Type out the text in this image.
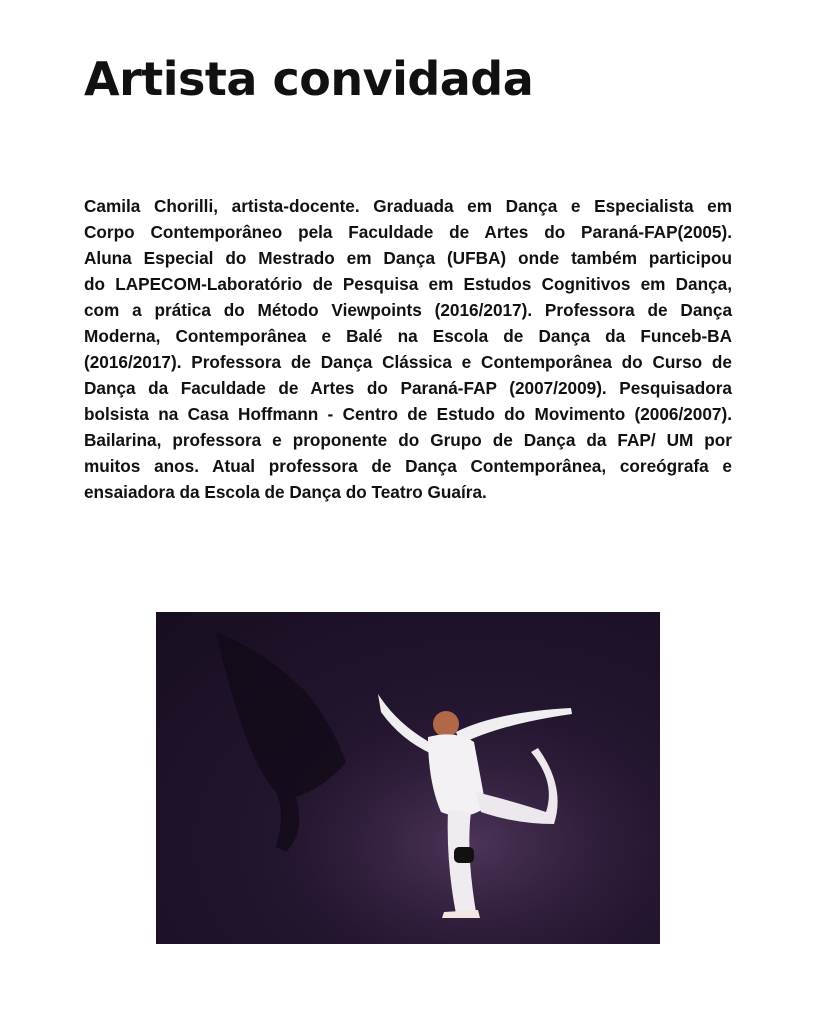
Artista convidada
Camila Chorilli, artista-docente. Graduada em Dança e Especialista em
Corpo Contemporâneo pela Faculdade de Artes do Paraná-FAP(2005).
Aluna Especial do Mestrado em Dança (UFBA) onde também participou
do LAPECOM-Laboratório de Pesquisa em Estudos Cognitivos em Dança,
com a prática do Método Viewpoints (2016/2017). Professora de Dança
Moderna, Contemporânea e Balé na Escola de Dança da Funceb-BA
(2016/2017). Professora de Dança Clássica e Contemporânea do Curso de
Dança da Faculdade de Artes do Paraná-FAP (2007/2009). Pesquisadora
bolsista na Casa Hoffmann - Centro de Estudo do Movimento (2006/2007).
Bailarina, professora e proponente do Grupo de Dança da FAP/ UM por
muitos anos. Atual professora de Dança Contemporânea, coreógrafa e
ensaiadora da Escola de Dança do Teatro Guaíra.
